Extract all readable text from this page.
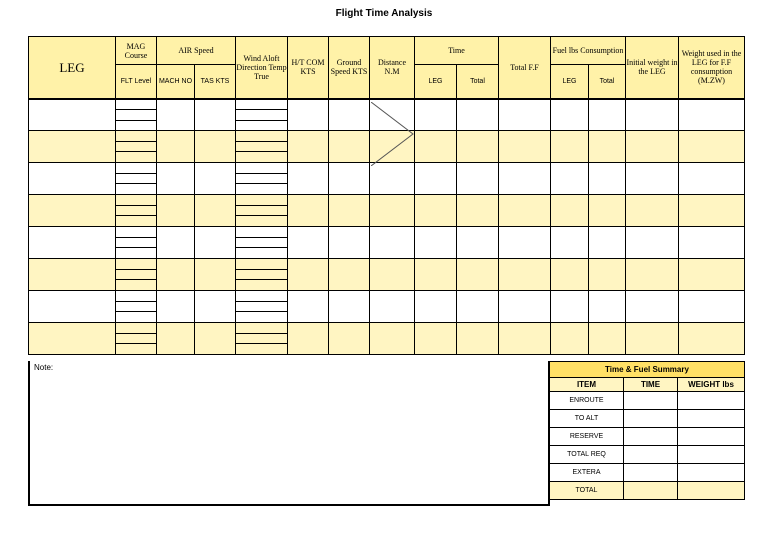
Flight Time Analysis
LEG	MAG Course	AIR Speed		Wind Aloft Direction Temp True	H/T COM KTS	Ground Speed KTS	Distance N.M	Time		Total F.F	Fuel lbs Consumption		Initial weight in the LEG	Weight used in the LEG for F.F consumption (M.ZW)
	FLT Level	MACH NO	TAS KTS					LEG	Total		LEG	Total		

Note:	Time & Fuel Summary		
ITEM	TIME	WEIGHT lbs
ENROUTE		
TO ALT		
RESERVE		
TOTAL REQ		
EXTERA		
TOTAL		
